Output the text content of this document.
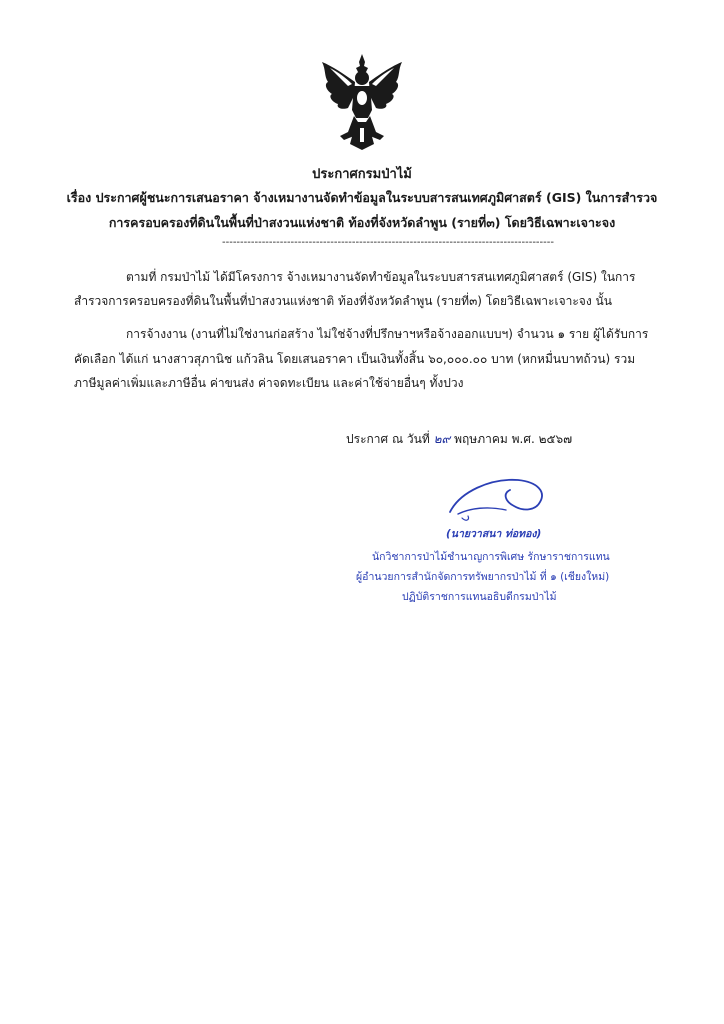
ประกาศกรมป่าไม้
เรื่อง ประกาศผู้ชนะการเสนอราคา จ้างเหมางานจัดทำข้อมูลในระบบสารสนเทศภูมิศาสตร์ (GIS) ในการสำรวจ
การครอบครองที่ดินในพื้นที่ป่าสงวนแห่งชาติ ท้องที่จังหวัดลำพูน (รายที่๓) โดยวิธีเฉพาะเจาะจง
--------------------------------------------------------------------------------------------
ตามที่ กรมป่าไม้ ได้มีโครงการ จ้างเหมางานจัดทำข้อมูลในระบบสารสนเทศภูมิศาสตร์ (GIS) ในการ
สำรวจการครอบครองที่ดินในพื้นที่ป่าสงวนแห่งชาติ ท้องที่จังหวัดลำพูน (รายที่๓) โดยวิธีเฉพาะเจาะจง นั้น
การจ้างงาน (งานที่ไม่ใช่งานก่อสร้าง ไม่ใช่จ้างที่ปรึกษาฯหรือจ้างออกแบบฯ) จำนวน ๑ ราย ผู้ได้รับการ
คัดเลือก ได้แก่ นางสาวสุภานิช แก้วลิน โดยเสนอราคา เป็นเงินทั้งสิ้น ๖๐,๐๐๐.๐๐ บาท (หกหมื่นบาทถ้วน) รวม
ภาษีมูลค่าเพิ่มและภาษีอื่น ค่าขนส่ง ค่าจดทะเบียน และค่าใช้จ่ายอื่นๆ ทั้งปวง
ประกาศ ณ วันที่ ๒๙ พฤษภาคม พ.ศ. ๒๕๖๗
(นายวาสนา ท่อทอง)
นักวิชาการป่าไม้ชำนาญการพิเศษ รักษาราชการแทน
ผู้อำนวยการสำนักจัดการทรัพยากรป่าไม้ ที่ ๑ (เชียงใหม่)
ปฏิบัติราชการแทนอธิบดีกรมป่าไม้
